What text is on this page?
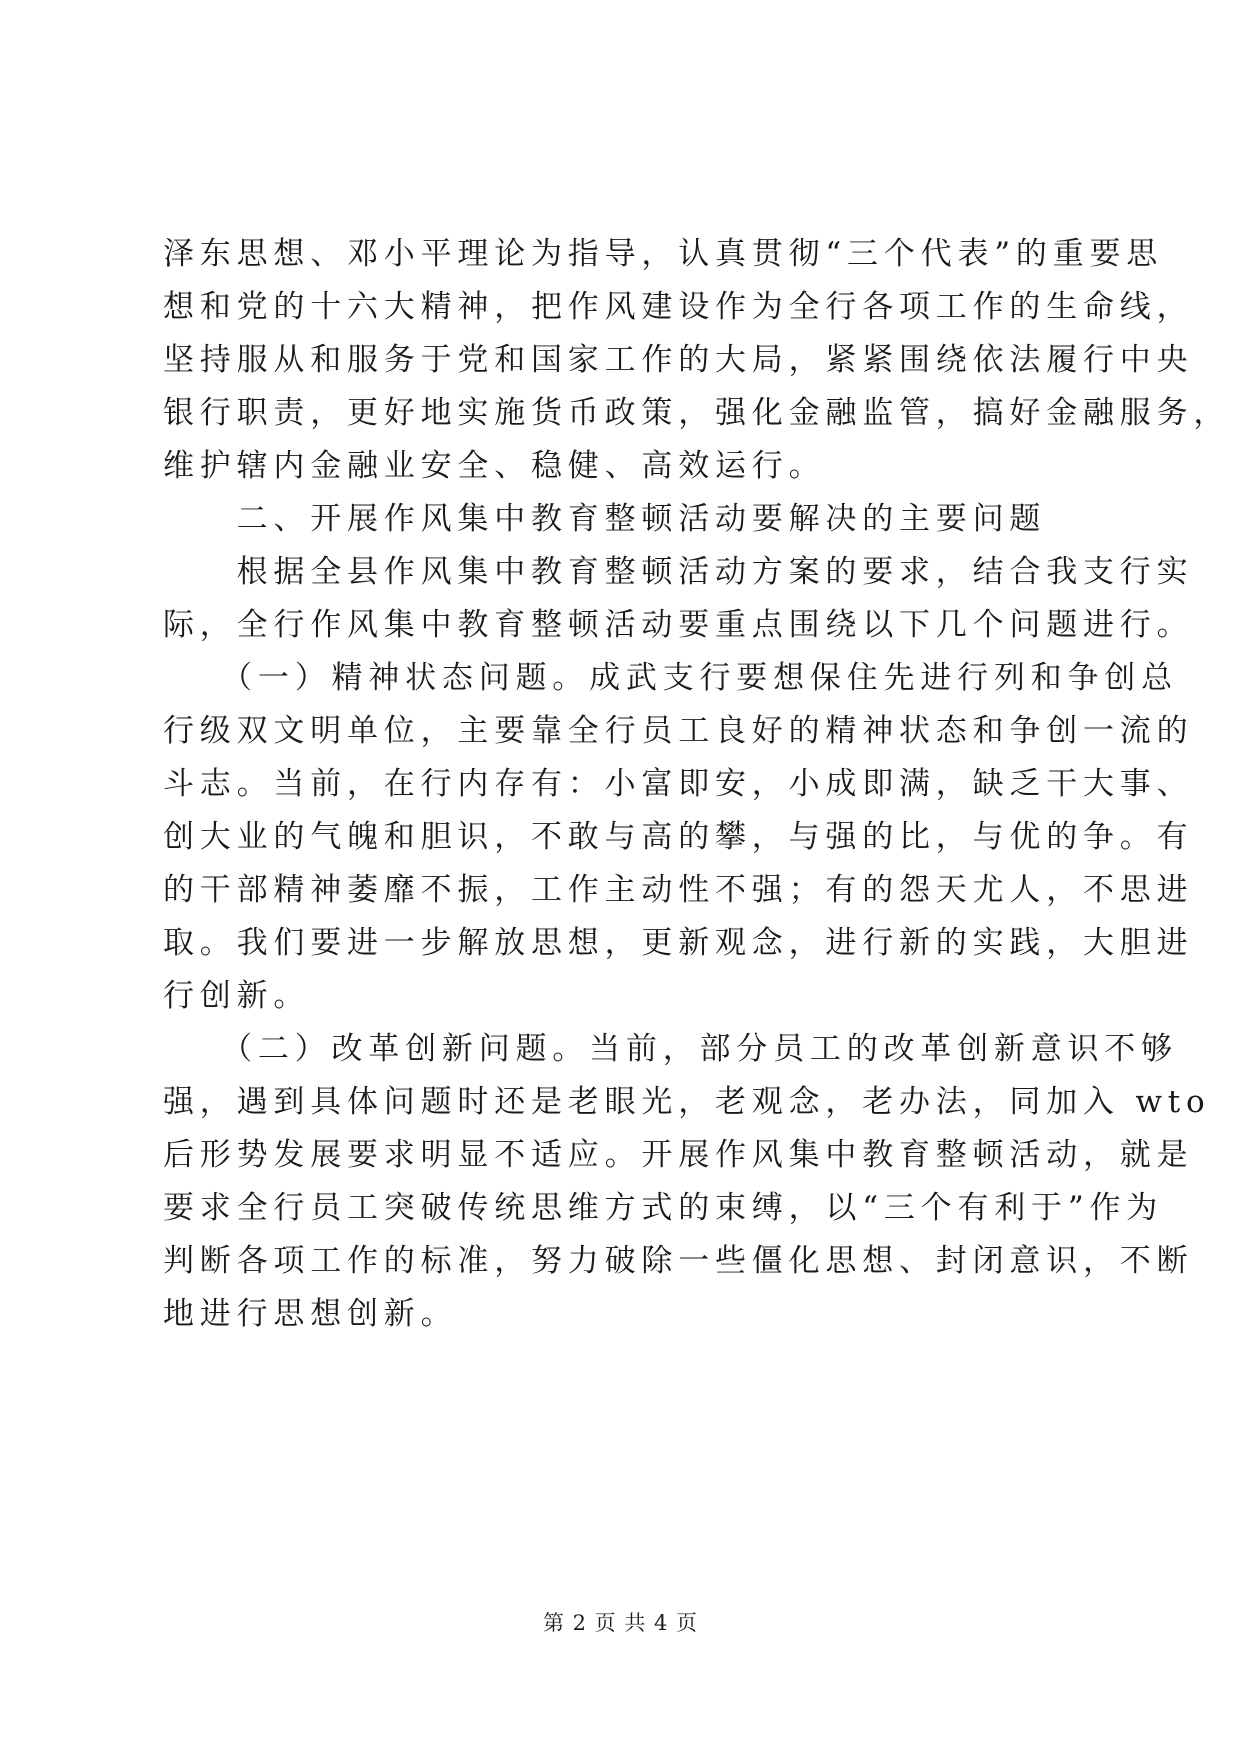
泽东思想、邓小平理论为指导，认真贯彻“三个代表”的重要思
想和党的十六大精神，把作风建设作为全行各项工作的生命线，
坚持服从和服务于党和国家工作的大局，紧紧围绕依法履行中央
银行职责，更好地实施货币政策，强化金融监管，搞好金融服务，
维护辖内金融业安全、稳健、高效运行。
　　二、开展作风集中教育整顿活动要解决的主要问题
　　根据全县作风集中教育整顿活动方案的要求，结合我支行实
际，全行作风集中教育整顿活动要重点围绕以下几个问题进行。
　　（一）精神状态问题。成武支行要想保住先进行列和争创总
行级双文明单位，主要靠全行员工良好的精神状态和争创一流的
斗志。当前，在行内存有：小富即安，小成即满，缺乏干大事、
创大业的气魄和胆识，不敢与高的攀，与强的比，与优的争。有
的干部精神萎靡不振，工作主动性不强；有的怨天尤人，不思进
取。我们要进一步解放思想，更新观念，进行新的实践，大胆进
行创新。
　　（二）改革创新问题。当前，部分员工的改革创新意识不够
强，遇到具体问题时还是老眼光，老观念，老办法，同加入 wto
后形势发展要求明显不适应。开展作风集中教育整顿活动，就是
要求全行员工突破传统思维方式的束缚，以“三个有利于”作为
判断各项工作的标准，努力破除一些僵化思想、封闭意识，不断
地进行思想创新。
第 2 页 共 4 页
